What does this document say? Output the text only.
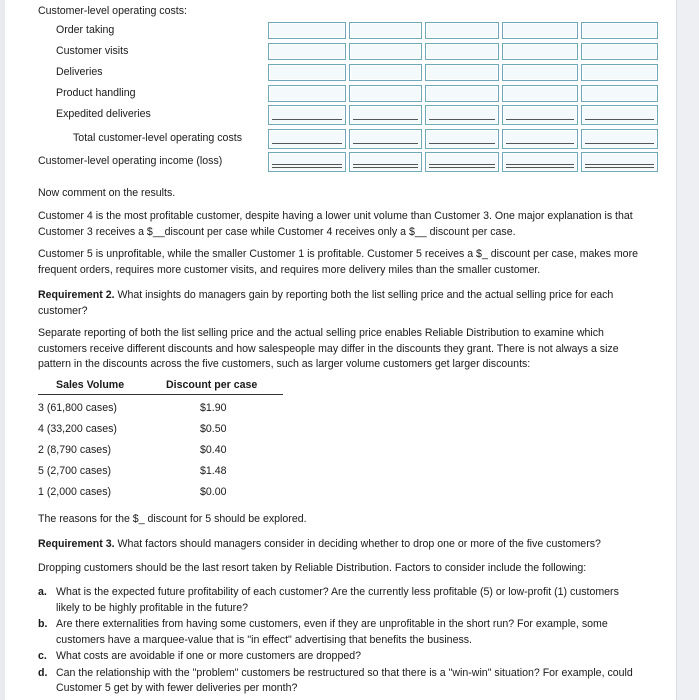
Customer-level operating costs:
Order taking
Customer visits
Deliveries
Product handling
Expedited deliveries
Total customer-level operating costs
Customer-level operating income (loss)
Now comment on the results.
Customer 4 is the most profitable customer, despite having a lower unit volume than Customer 3. One major explanation is that Customer 3 receives a $__discount per case while Customer 4 receives only a $__ discount per case.
Customer 5 is unprofitable, while the smaller Customer 1 is profitable. Customer 5 receives a $_ discount per case, makes more frequent orders, requires more customer visits, and requires more delivery miles than the smaller customer.
Requirement 2. What insights do managers gain by reporting both the list selling price and the actual selling price for each customer?
Separate reporting of both the list selling price and the actual selling price enables Reliable Distribution to examine which customers receive different discounts and how salespeople may differ in the discounts they grant. There is not always a size pattern in the discounts across the five customers, such as larger volume customers get larger discounts:
Sales Volume	Discount per case
3 (61,800 cases)	$1.90
4 (33,200 cases)	$0.50
2 (8,790 cases)	$0.40
5 (2,700 cases)	$1.48
1 (2,000 cases)	$0.00
The reasons for the $_ discount for 5 should be explored.
Requirement 3. What factors should managers consider in deciding whether to drop one or more of the five customers?
Dropping customers should be the last resort taken by Reliable Distribution. Factors to consider include the following:
a. What is the expected future profitability of each customer? Are the currently less profitable (5) or low-profit (1) customers likely to be highly profitable in the future?
b. Are there externalities from having some customers, even if they are unprofitable in the short run? For example, some customers have a marquee-value that is "in effect" advertising that benefits the business.
c. What costs are avoidable if one or more customers are dropped?
d. Can the relationship with the "problem" customers be restructured so that there is a "win-win" situation? For example, could Customer 5 get by with fewer deliveries per month?
